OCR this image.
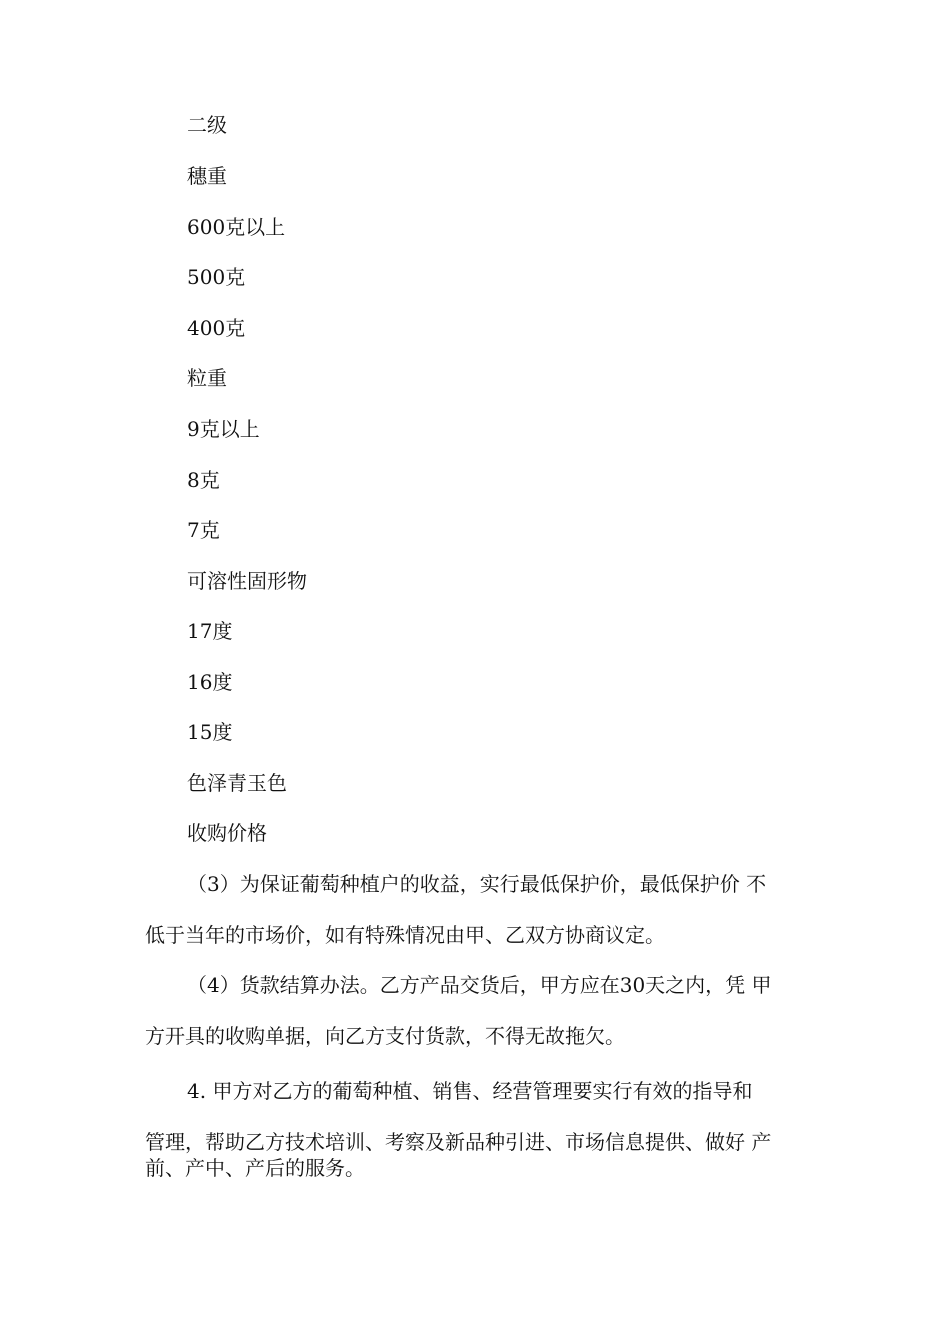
二级
穗重
600克以上
500克
400克
粒重
9克以上
8克
7克
可溶性固形物
17度
16度
15度
色泽青玉色
收购价格
（3）为保证葡萄种植户的收益，实行最低保护价，最低保护价 不
低于当年的市场价，如有特殊情况由甲、乙双方协商议定。
（4）货款结算办法。乙方产品交货后，甲方应在30天之内，凭 甲
方开具的收购单据，向乙方支付货款，不得无故拖欠。
4. 甲方对乙方的葡萄种植、销售、经营管理要实行有效的指导和
管理，帮助乙方技术培训、考察及新品种引进、市场信息提供、做好 产
前、产中、产后的服务。
